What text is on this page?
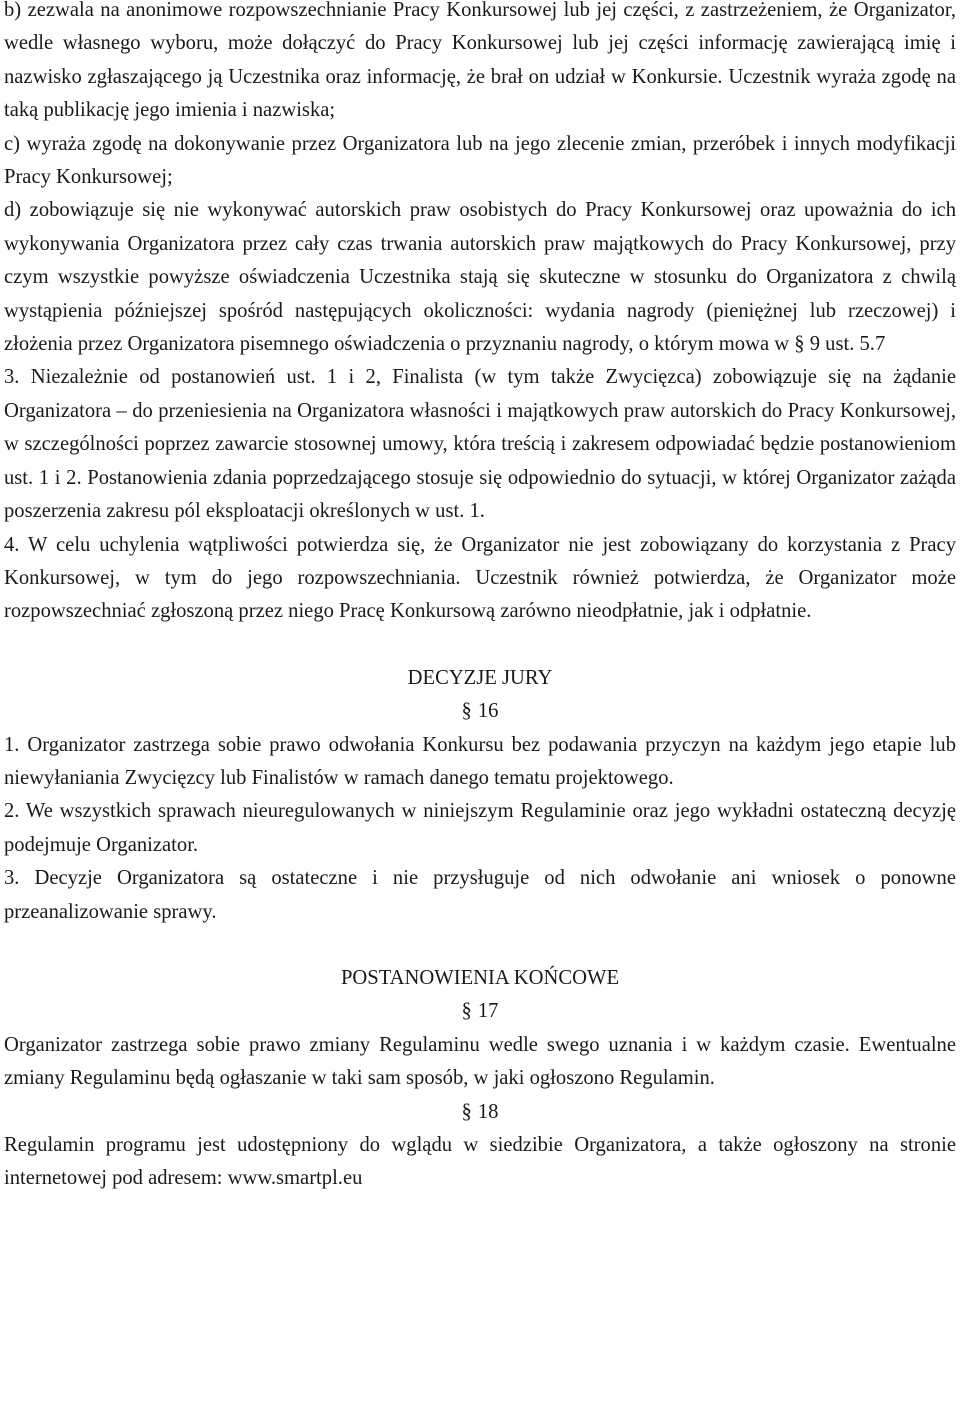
b) zezwala na anonimowe rozpowszechnianie Pracy Konkursowej lub jej części, z zastrzeżeniem, że Organizator, wedle własnego wyboru, może dołączyć do Pracy Konkursowej lub jej części informację zawierającą imię i nazwisko zgłaszającego ją Uczestnika oraz informację, że brał on udział w Konkursie. Uczestnik wyraża zgodę na taką publikację jego imienia i nazwiska;

c) wyraża zgodę na dokonywanie przez Organizatora lub na jego zlecenie zmian, przeróbek i innych modyfikacji Pracy Konkursowej;

d) zobowiązuje się nie wykonywać autorskich praw osobistych do Pracy Konkursowej oraz upoważnia do ich wykonywania Organizatora przez cały czas trwania autorskich praw majątkowych do Pracy Konkursowej, przy czym wszystkie powyższe oświadczenia Uczestnika stają się skuteczne w stosunku do Organizatora z chwilą wystąpienia późniejszej spośród następujących okoliczności: wydania nagrody (pieniężnej lub rzeczowej) i złożenia przez Organizatora pisemnego oświadczenia o przyznaniu nagrody, o którym mowa w § 9 ust. 5.7

3. Niezależnie od postanowień ust. 1 i 2, Finalista (w tym także Zwycięzca) zobowiązuje się na żądanie Organizatora – do przeniesienia na Organizatora własności i majątkowych praw autorskich do Pracy Konkursowej, w szczególności poprzez zawarcie stosownej umowy, która treścią i zakresem odpowiadać będzie postanowieniom ust. 1 i 2. Postanowienia zdania poprzedzającego stosuje się odpowiednio do sytuacji, w której Organizator zażąda poszerzenia zakresu pól eksploatacji określonych w ust. 1.

4. W celu uchylenia wątpliwości potwierdza się, że Organizator nie jest zobowiązany do korzystania z Pracy Konkursowej, w tym do jego rozpowszechniania. Uczestnik również potwierdza, że Organizator może rozpowszechniać zgłoszoną przez niego Pracę Konkursową zarówno nieodpłatnie, jak i odpłatnie.

DECYZJE JURY

§ 16

1. Organizator zastrzega sobie prawo odwołania Konkursu bez podawania przyczyn na każdym jego etapie lub niewyłaniania Zwycięzcy lub Finalistów w ramach danego tematu projektowego.

2. We wszystkich sprawach nieuregulowanych w niniejszym Regulaminie oraz jego wykładni ostateczną decyzję podejmuje Organizator.

3. Decyzje Organizatora są ostateczne i nie przysługuje od nich odwołanie ani wniosek o ponowne przeanalizowanie sprawy.

POSTANOWIENIA KOŃCOWE

§ 17

Organizator zastrzega sobie prawo zmiany Regulaminu wedle swego uznania i w każdym czasie. Ewentualne zmiany Regulaminu będą ogłaszanie w taki sam sposób, w jaki ogłoszono Regulamin.

§ 18

Regulamin programu jest udostępniony do wglądu w siedzibie Organizatora, a także ogłoszony na stronie internetowej pod adresem: www.smartpl.eu
